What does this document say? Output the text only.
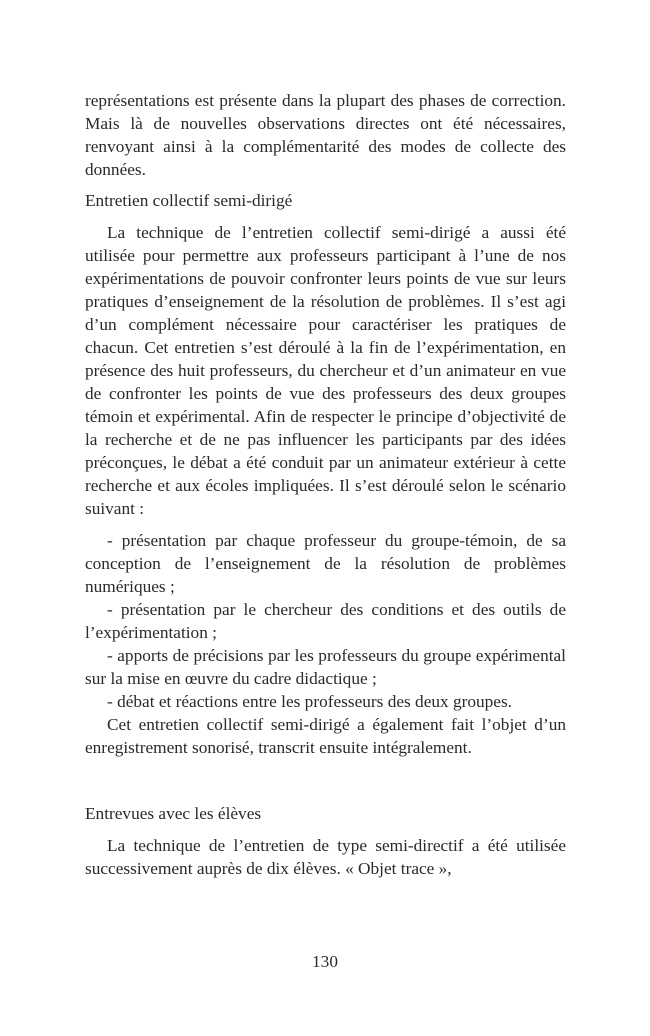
représentations est présente dans la plupart des phases de correction. Mais là de nouvelles observations directes ont été nécessaires, renvoyant ainsi à la complémentarité des modes de collecte des données.

Entretien collectif semi-dirigé

La technique de l’entretien collectif semi-dirigé a aussi été utilisée pour permettre aux professeurs participant à l’une de nos expérimentations de pouvoir confronter leurs points de vue sur leurs pratiques d’enseignement de la résolution de problèmes. Il s’est agi d’un complément nécessaire pour caractériser les pratiques de chacun. Cet entretien s’est déroulé à la fin de l’expérimentation, en présence des huit professeurs, du chercheur et d’un animateur en vue de confronter les points de vue des professeurs des deux groupes témoin et expérimental. Afin de respecter le principe d’objectivité de la recherche et de ne pas influencer les participants par des idées préconçues, le débat a été conduit par un animateur extérieur à cette recherche et aux écoles impliquées. Il s’est déroulé selon le scénario suivant :

- présentation par chaque professeur du groupe-témoin, de sa conception de l’enseignement de la résolution de problèmes numériques ;

- présentation par le chercheur des conditions et des outils de l’expérimentation ;

- apports de précisions par les professeurs du groupe expérimental sur la mise en œuvre du cadre didactique ;

- débat et réactions entre les professeurs des deux groupes.

Cet entretien collectif semi-dirigé a également fait l’objet d’un enregistrement sonorisé, transcrit ensuite intégralement.

Entrevues avec les élèves

La technique de l’entretien de type semi-directif a été utilisée successivement auprès de dix élèves. « Objet trace »,

130
